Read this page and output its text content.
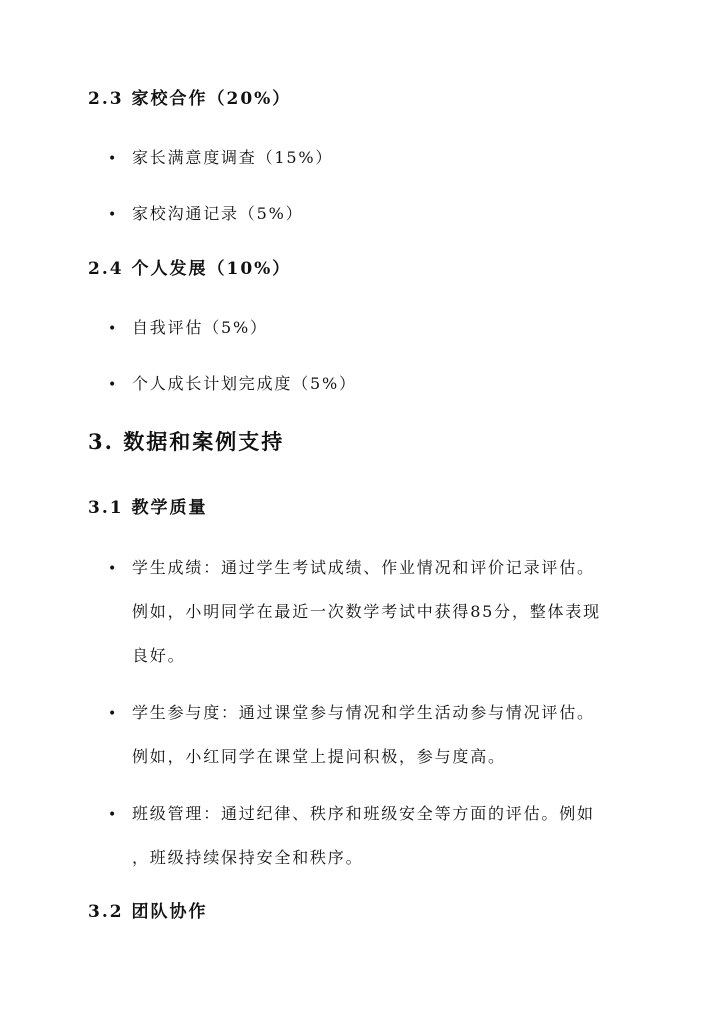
2.3 家校合作（20%）
• 家长满意度调查（15%）
• 家校沟通记录（5%）
2.4 个人发展（10%）
• 自我评估（5%）
• 个人成长计划完成度（5%）
3. 数据和案例支持
3.1 教学质量
• 学生成绩：通过学生考试成绩、作业情况和评价记录评估。
例如，小明同学在最近一次数学考试中获得85分，整体表现
良好。
• 学生参与度：通过课堂参与情况和学生活动参与情况评估。
例如，小红同学在课堂上提问积极，参与度高。
• 班级管理：通过纪律、秩序和班级安全等方面的评估。例如
，班级持续保持安全和秩序。
3.2 团队协作
